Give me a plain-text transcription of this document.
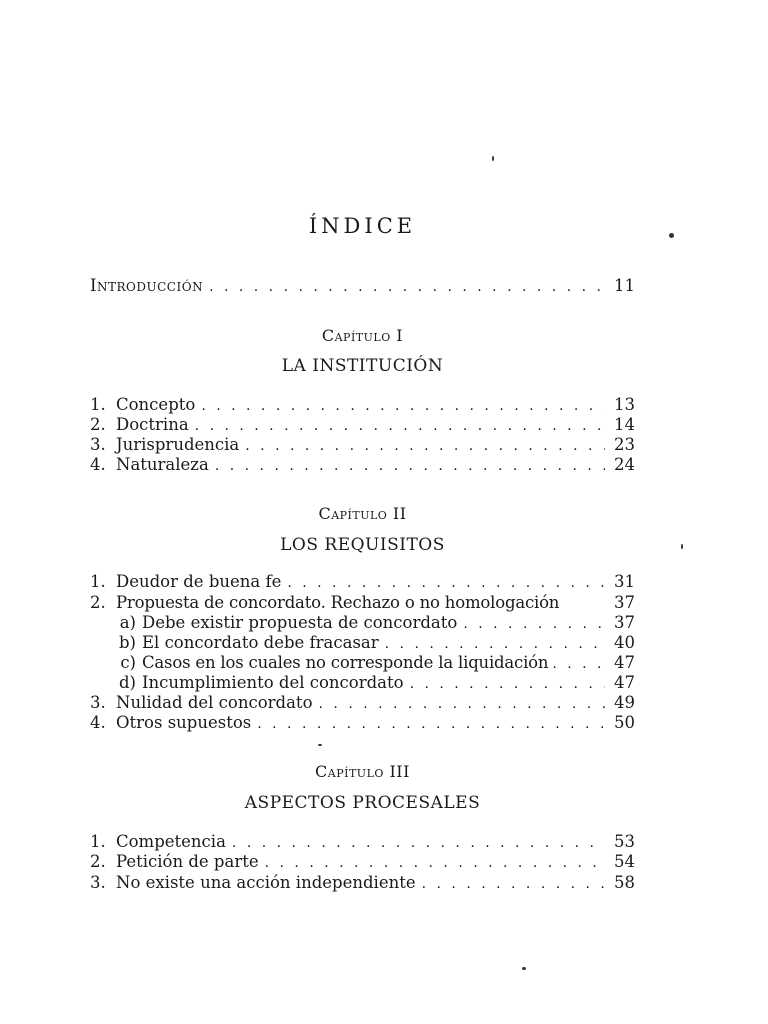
ÍNDICE
Introducción . . .	11
Capítulo I
LA INSTITUCIÓN
1. Concepto . . .	13
2. Doctrina . . .	14
3. Jurisprudencia . . .	23
4. Naturaleza . . .	24
Capítulo II
LOS REQUISITOS
1. Deudor de buena fe . . .	31
2. Propuesta de concordato. Rechazo o no homologación	37
a) Debe existir propuesta de concordato . . .	37
b) El concordato debe fracasar . . .	40
c) Casos en los cuales no corresponde la liquidación . . .	47
d) Incumplimiento del concordato . . .	47
3. Nulidad del concordato . . .	49
4. Otros supuestos . . .	50
Capítulo III
ASPECTOS PROCESALES
1. Competencia . . .	53
2. Petición de parte . . .	54
3. No existe una acción independiente . . .	58
